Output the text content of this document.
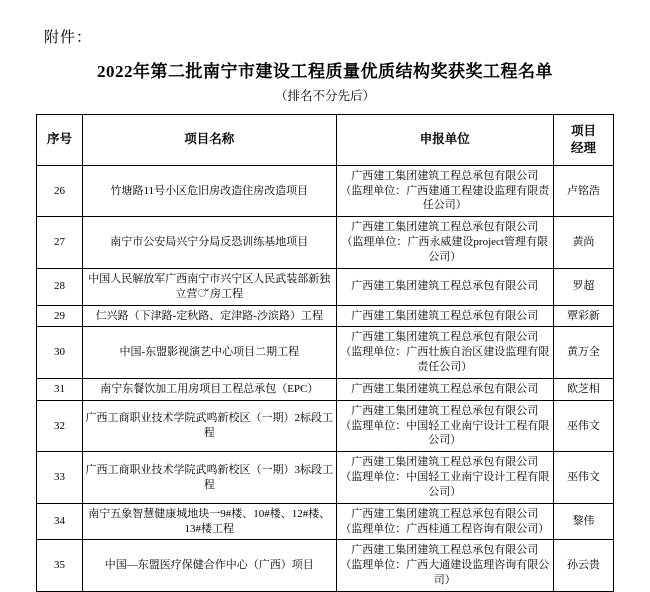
附件：
2022年第二批南宁市建设工程质量优质结构奖获奖工程名单
（排名不分先后）
序号	项目名称	申报单位	项目
经理

26	竹塘路11号小区危旧房改造住房改造项目	广西建工集团建筑工程总承包有限公司
（监理单位：广西建通工程建设监理有限责任公司）	卢铭浩
27	南宁市公安局兴宁分局反恐训练基地项目	广西建工集团建筑工程总承包有限公司
（监理单位：广西永威建设project管理有限公司）	黄尚
28	中国人民解放军广西南宁市兴宁区人民武装部新独立营് 房工程	广西建工集团建筑工程总承包有限公司	罗超
29	仁兴路（下津路-定秋路、定津路-沙滨路）工程	广西建工集团建筑工程总承包有限公司	覃彩新
30	中国-东盟影视演艺中心项目二期工程	广西建工集团建筑工程总承包有限公司
（监理单位：广西壮族自治区建设监理有限责任公司）	黄万全
31	南宁东餐饮加工用房项目工程总承包（EPC）	广西建工集团建筑工程总承包有限公司	欧芝相
32	广西工商职业技术学院武鸣新校区（一期）2标段工程	广西建工集团建筑工程总承包有限公司
（监理单位：中国轻工业南宁设计工程有限公司）	巫伟文
33	广西工商职业技术学院武鸣新校区（一期）3标段工程	广西建工集团建筑工程总承包有限公司
（监理单位：中国轻工业南宁设计工程有限公司）	巫伟文
34	南宁五象智慧健康城地块一9#楼、10#楼、12#楼、13#楼工程	广西建工集团建筑工程总承包有限公司
（监理单位：广西桂通工程咨询有限公司）	黎伟
35	中国—东盟医疗保健合作中心（广西）项目	广西建工集团建筑工程总承包有限公司
（监理单位：广西大通建设监理咨询有限公司）	孙云贵
